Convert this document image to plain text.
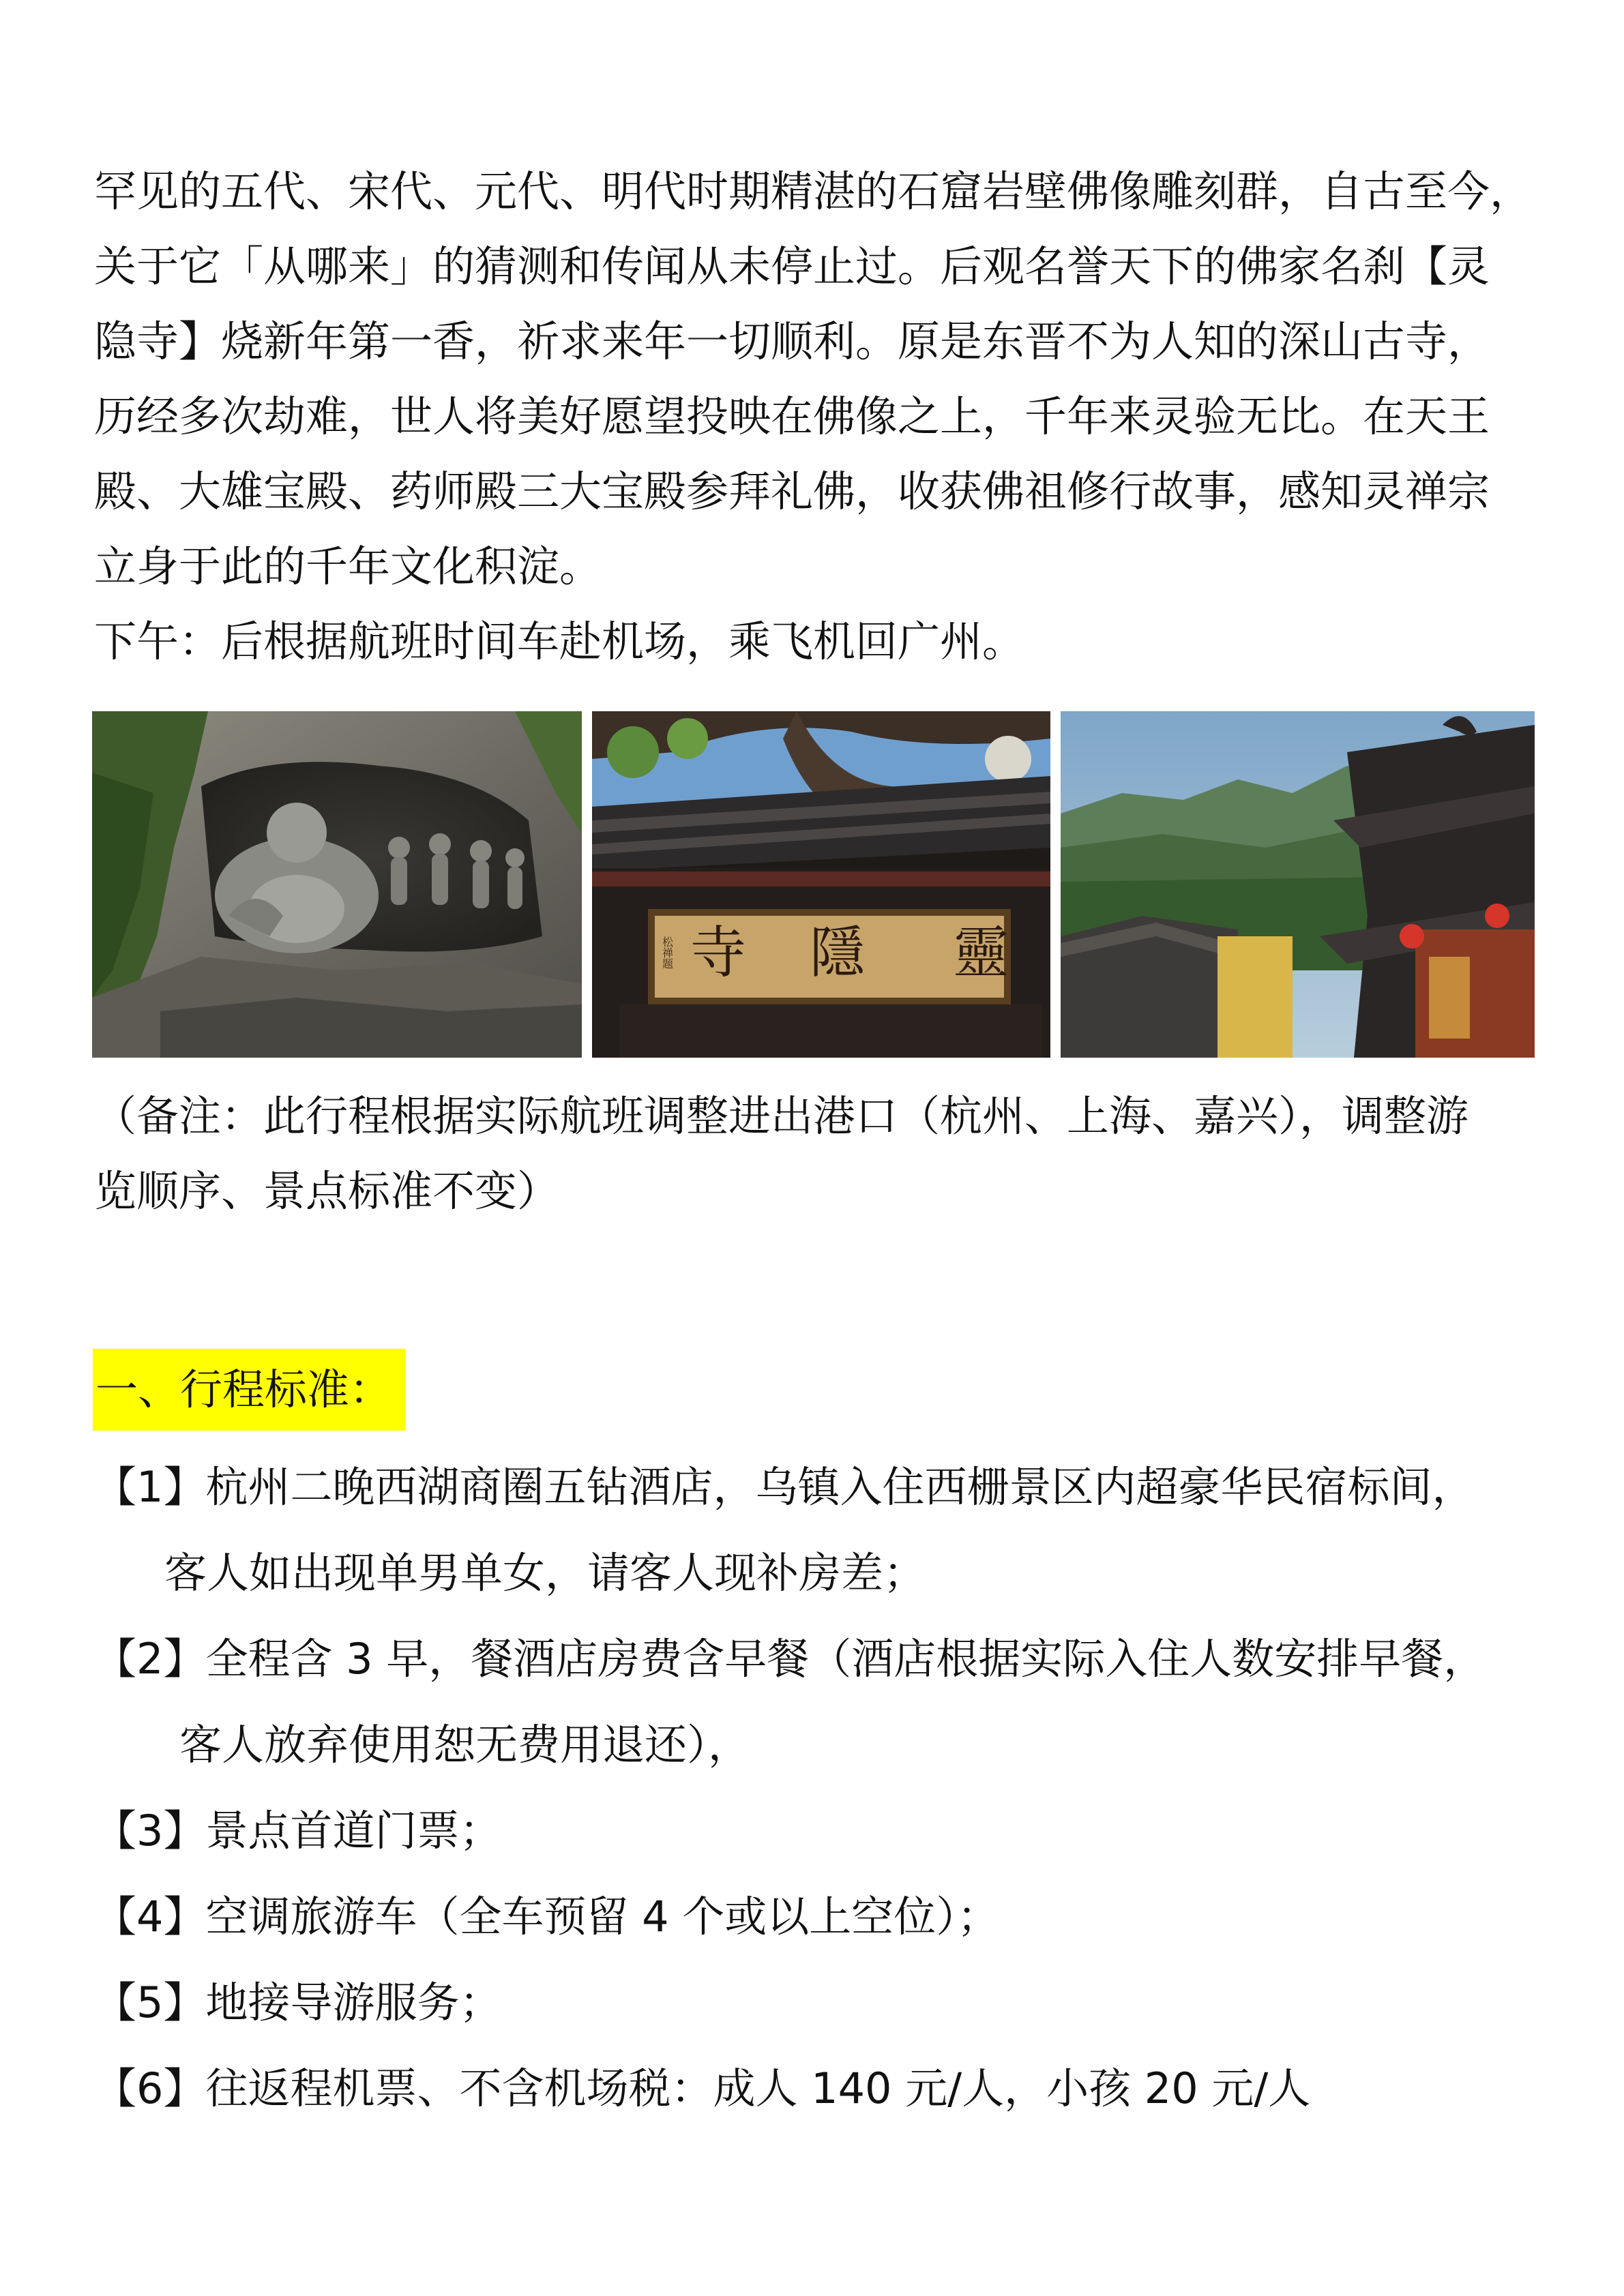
罕见的五代、宋代、元代、明代时期精湛的石窟岩壁佛像雕刻群，自古至今，

关于它「从哪来」的猜测和传闻从未停止过。后观名誉天下的佛家名刹【灵

隐寺】烧新年第一香，祈求来年一切顺利。原是东晋不为人知的深山古寺，

历经多次劫难，世人将美好愿望投映在佛像之上，千年来灵验无比。在天王

殿、大雄宝殿、药师殿三大宝殿参拜礼佛，收获佛祖修行故事，感知灵禅宗

立身于此的千年文化积淀。

下午：后根据航班时间车赴机场，乘飞机回广州。

靈
隱
寺
松禅题

（备注：此行程根据实际航班调整进出港口（杭州、上海、嘉兴），调整游

览顺序、景点标准不变）

一、行程标准：
【1】杭州二晚西湖商圈五钻酒店，乌镇入住西栅景区内超豪华民宿标间，
客人如出现单男单女，请客人现补房差；
【2】全程含 3 早，餐酒店房费含早餐（酒店根据实际入住人数安排早餐，
客人放弃使用恕无费用退还），
【3】景点首道门票；
【4】空调旅游车（全车预留 4 个或以上空位）；
【5】地接导游服务；
【6】往返程机票、不含机场税：成人 140 元/人，小孩 20 元/人
